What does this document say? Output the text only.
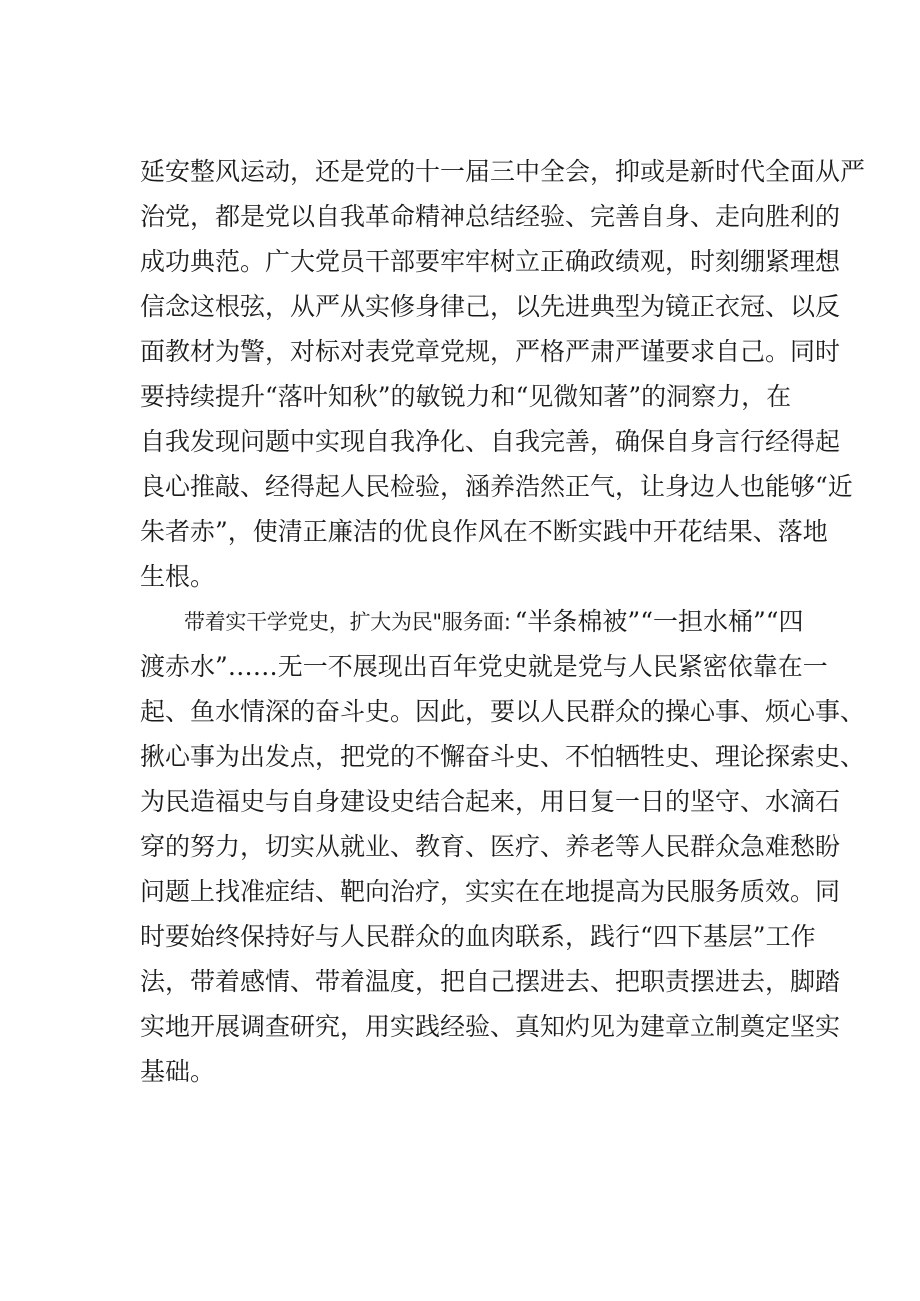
延安整风运动，还是党的十一届三中全会，抑或是新时代全面从严
治党，都是党以自我革命精神总结经验、完善自身、走向胜利的
成功典范。广大党员干部要牢牢树立正确政绩观，时刻绷紧理想
信念这根弦，从严从实修身律己，以先进典型为镜正衣冠、以反
面教材为警，对标对表党章党规，严格严肃严谨要求自己。同时
要持续提升“落叶知秋”的敏锐力和“见微知著”的洞察力，在
自我发现问题中实现自我净化、自我完善，确保自身言行经得起
良心推敲、经得起人民检验，涵养浩然正气，让身边人也能够“近
朱者赤”，使清正廉洁的优良作风在不断实践中开花结果、落地
生根。
带着实干学党史，扩大为民"服务面: “半条棉被”“一担水桶”“四
渡赤水”……无一不展现出百年党史就是党与人民紧密依靠在一
起、鱼水情深的奋斗史。因此，要以人民群众的操心事、烦心事、
揪心事为出发点，把党的不懈奋斗史、不怕牺牲史、理论探索史、
为民造福史与自身建设史结合起来，用日复一日的坚守、水滴石
穿的努力，切实从就业、教育、医疗、养老等人民群众急难愁盼
问题上找准症结、靶向治疗，实实在在地提高为民服务质效。同
时要始终保持好与人民群众的血肉联系，践行“四下基层”工作
法，带着感情、带着温度，把自己摆进去、把职责摆进去，脚踏
实地开展调查研究，用实践经验、真知灼见为建章立制奠定坚实
基础。
